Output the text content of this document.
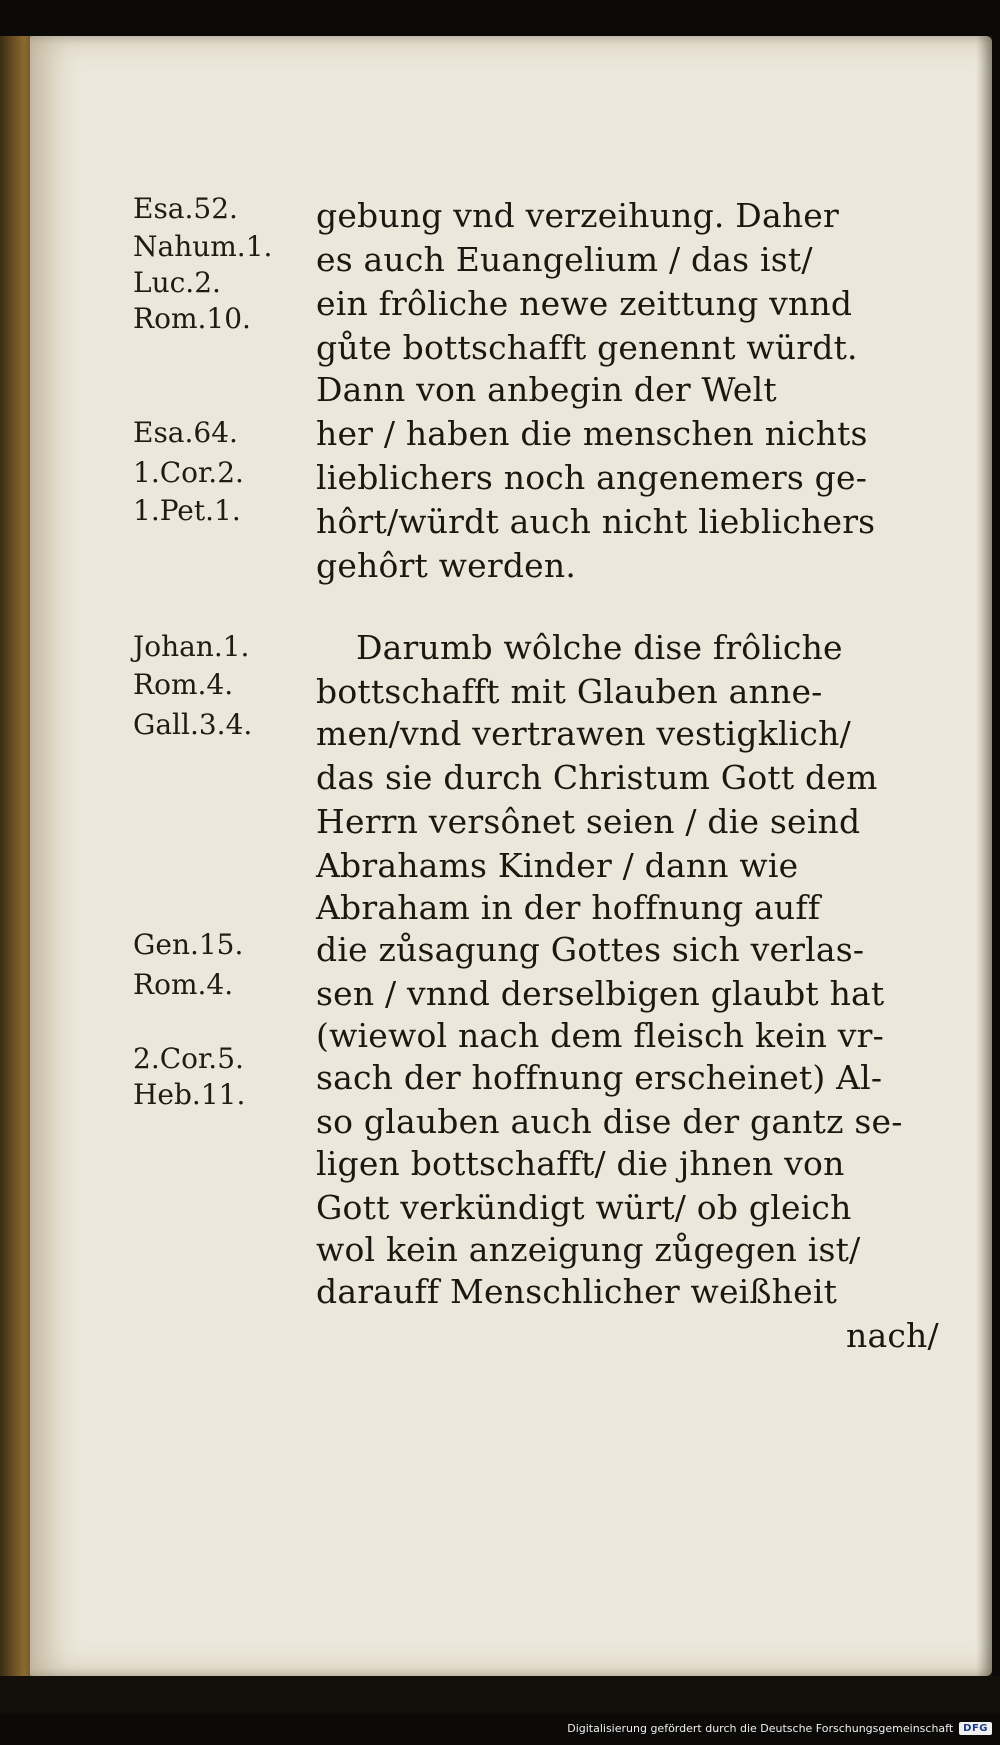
Esa.52.
Nahum.1.
Luc.2.
Rom.10.
Esa.64.
1.Cor.2.
1.Pet.1.
Johan.1.
Rom.4.
Gall.3.4.
Gen.15.
Rom.4.
2.Cor.5.
Heb.11.
gebung vnd verzeihung. Daher
es auch Euangelium / das ist/
ein frôliche newe zeittung vnnd
gůte bottschafft genennt würdt.
Dann von anbegin der Welt
her / haben die menschen nichts
lieblichers noch angenemers ge-
hôrt/würdt auch nicht lieblichers
gehôrt werden.
Darumb wôlche dise frôliche
bottschafft mit Glauben anne-
men/vnd vertrawen vestigklich/
das sie durch Christum Gott dem
Herrn versônet seien / die seind
Abrahams Kinder / dann wie
Abraham in der hoffnung auff
die zůsagung Gottes sich verlas-
sen / vnnd derselbigen glaubt hat
(wiewol nach dem fleisch kein vr-
sach der hoffnung erscheinet) Al-
so glauben auch dise der gantz se-
ligen bottschafft/ die jhnen von
Gott verkündigt würt/ ob gleich
wol kein anzeigung zůgegen ist/
darauff Menschlicher weißheit
nach/
Digitalisierung gefördert durch die Deutsche Forschungsgemeinschaft	DFG
